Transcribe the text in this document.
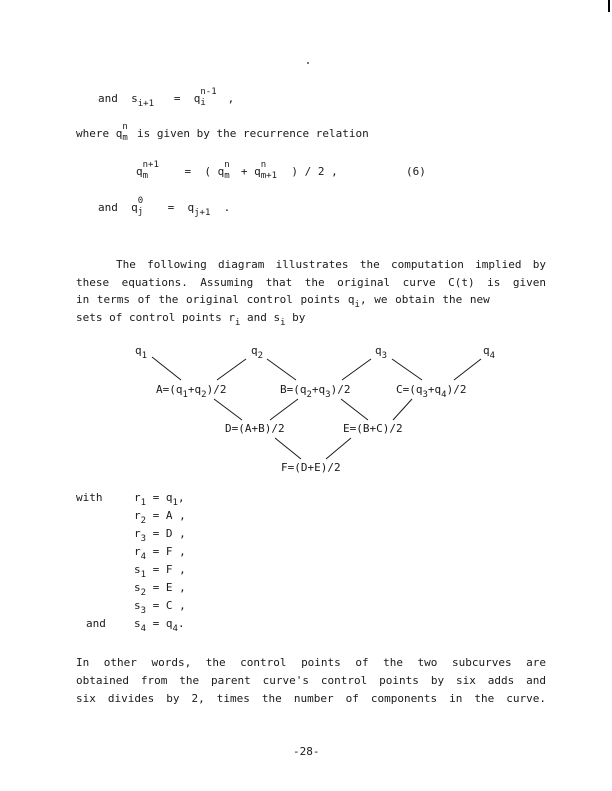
and $s_{i+1} = q$ n-1
i ,
where q n
m is given by the recurrence relation
q n+1
m	= ( q n
m + q n
m+1 ) / 2 ,	(6)
and q 0
$j = q_{j+1}$ .
The following diagram illustrates the computation implied by
these equations. Assuming that the original curve C(t) is given
in terms of the original control points $q_i$, we obtain the new
sets of control points $r_i$ and $s_i$ by
$q_1$	$q_2$	$q_3$	$q_4$
$A=(q_1+q_2)/2$	$B=(q_2+q_3)/2$	$C=(q_3+q_4)/2$
D=(A+B)/2	E=(B+C)/2
F=(D+E)/2
with
and
$r_1 = q_1$,
$r_2 = A$ ,
$r_3 = D$ ,
$r_4 = F$ ,
$s_1 = F$ ,
$s_2 = E$ ,
$s_3 = C$ ,
$s_4 = q_4$.
In other words, the control points of the two subcurves are
obtained from the parent curve's control points by six adds and
six divides by 2, times the number of components in the curve.
-28-
